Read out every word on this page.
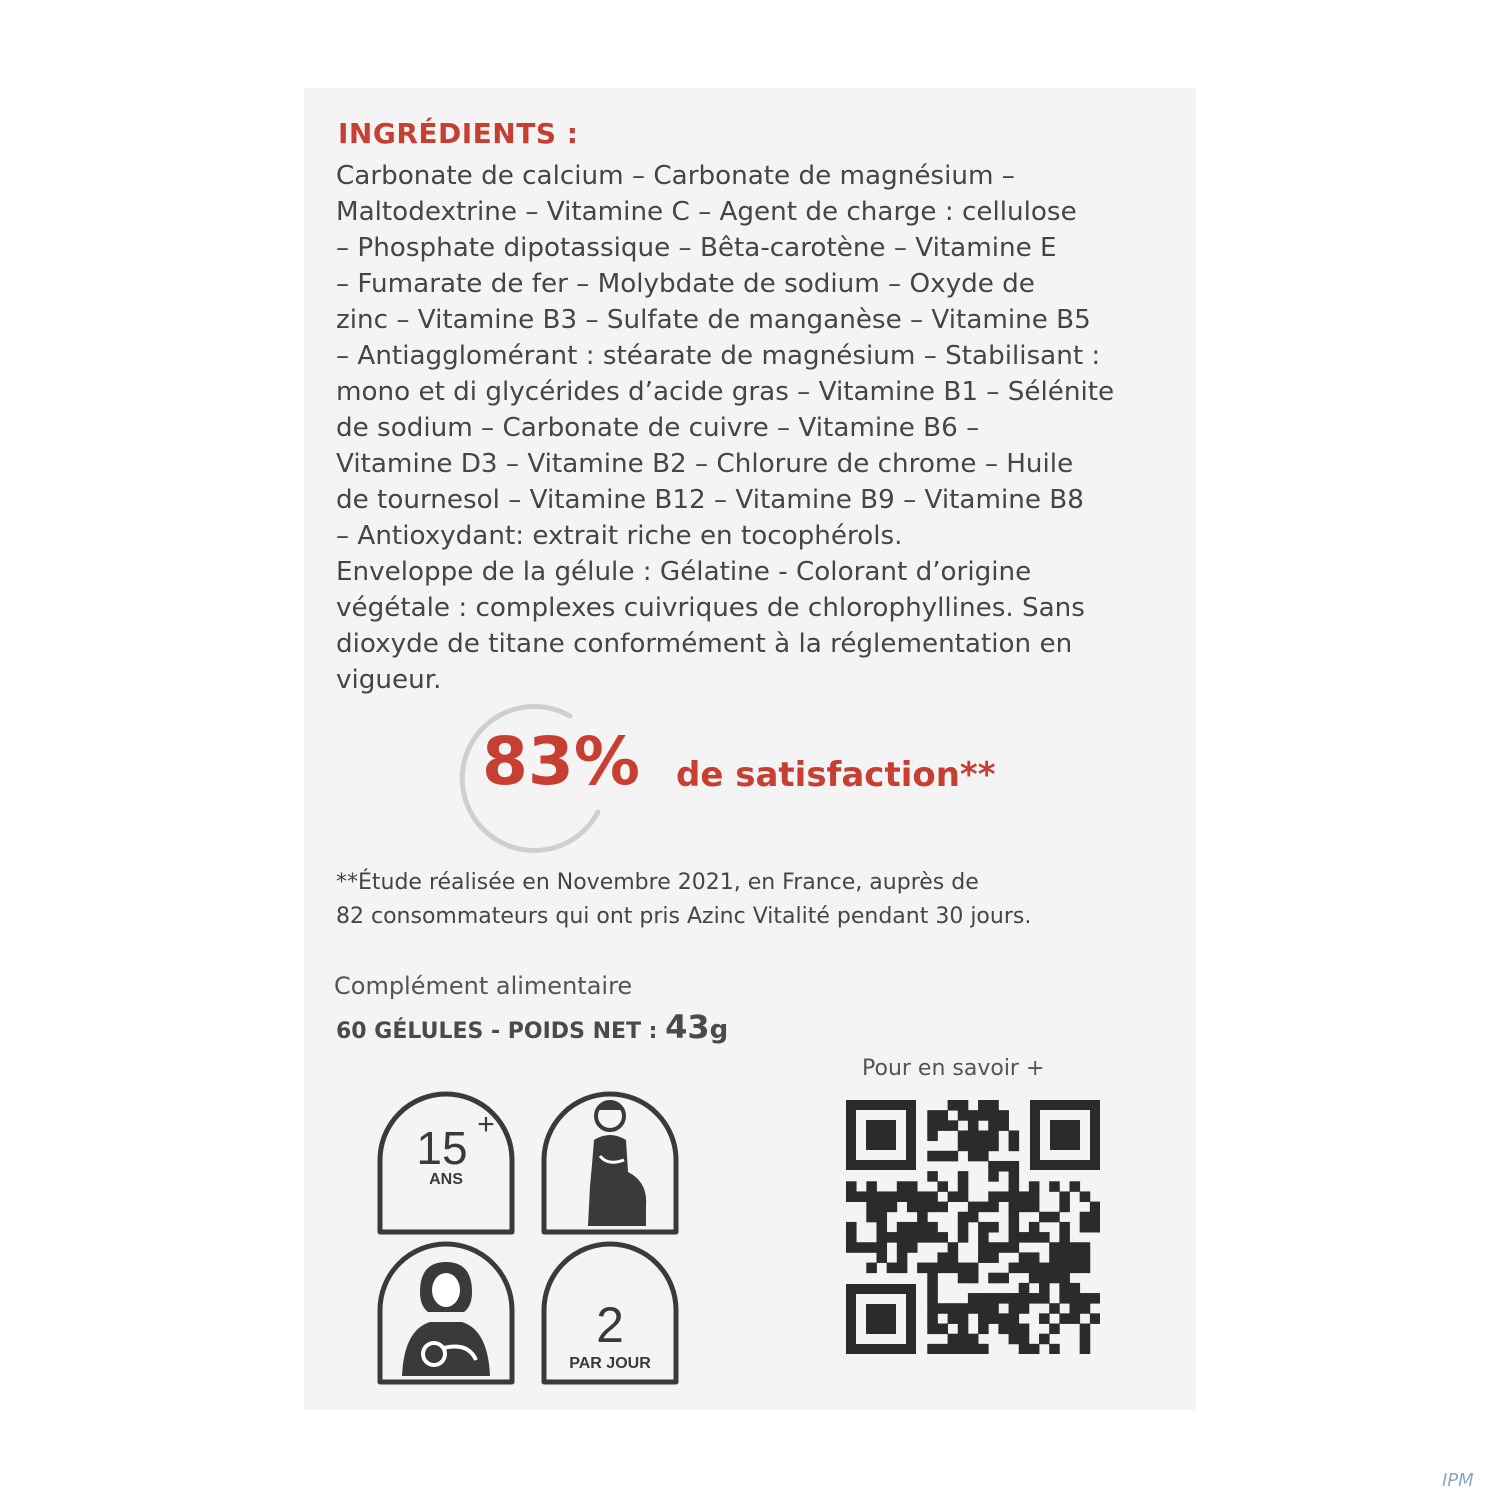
INGRÉDIENTS :

Carbonate de calcium – Carbonate de magnésium –
Maltodextrine – Vitamine C – Agent de charge : cellulose
– Phosphate dipotassique – Bêta-carotène – Vitamine E
– Fumarate de fer – Molybdate de sodium – Oxyde de
zinc – Vitamine B3 – Sulfate de manganèse – Vitamine B5
– Antiagglomérant : stéarate de magnésium – Stabilisant :
mono et di glycérides d’acide gras – Vitamine B1 – Sélénite
de sodium – Carbonate de cuivre – Vitamine B6 –
Vitamine D3 – Vitamine B2 – Chlorure de chrome – Huile
de tournesol – Vitamine B12 – Vitamine B9 – Vitamine B8
– Antioxydant: extrait riche en tocophérols.

Enveloppe de la gélule : Gélatine - Colorant d’origine
végétale : complexes cuivriques de chlorophyllines. Sans
dioxyde de titane conformément à la réglementation en
vigueur.

83% de satisfaction**
**Étude réalisée en Novembre 2021, en France, auprès de
82 consommateurs qui ont pris Azinc Vitalité pendant 30 jours.
Complément alimentaire
60 GÉLULES - POIDS NET : 43g
15 +
ANS
2
PAR JOUR
Pour en savoir +
IPM
